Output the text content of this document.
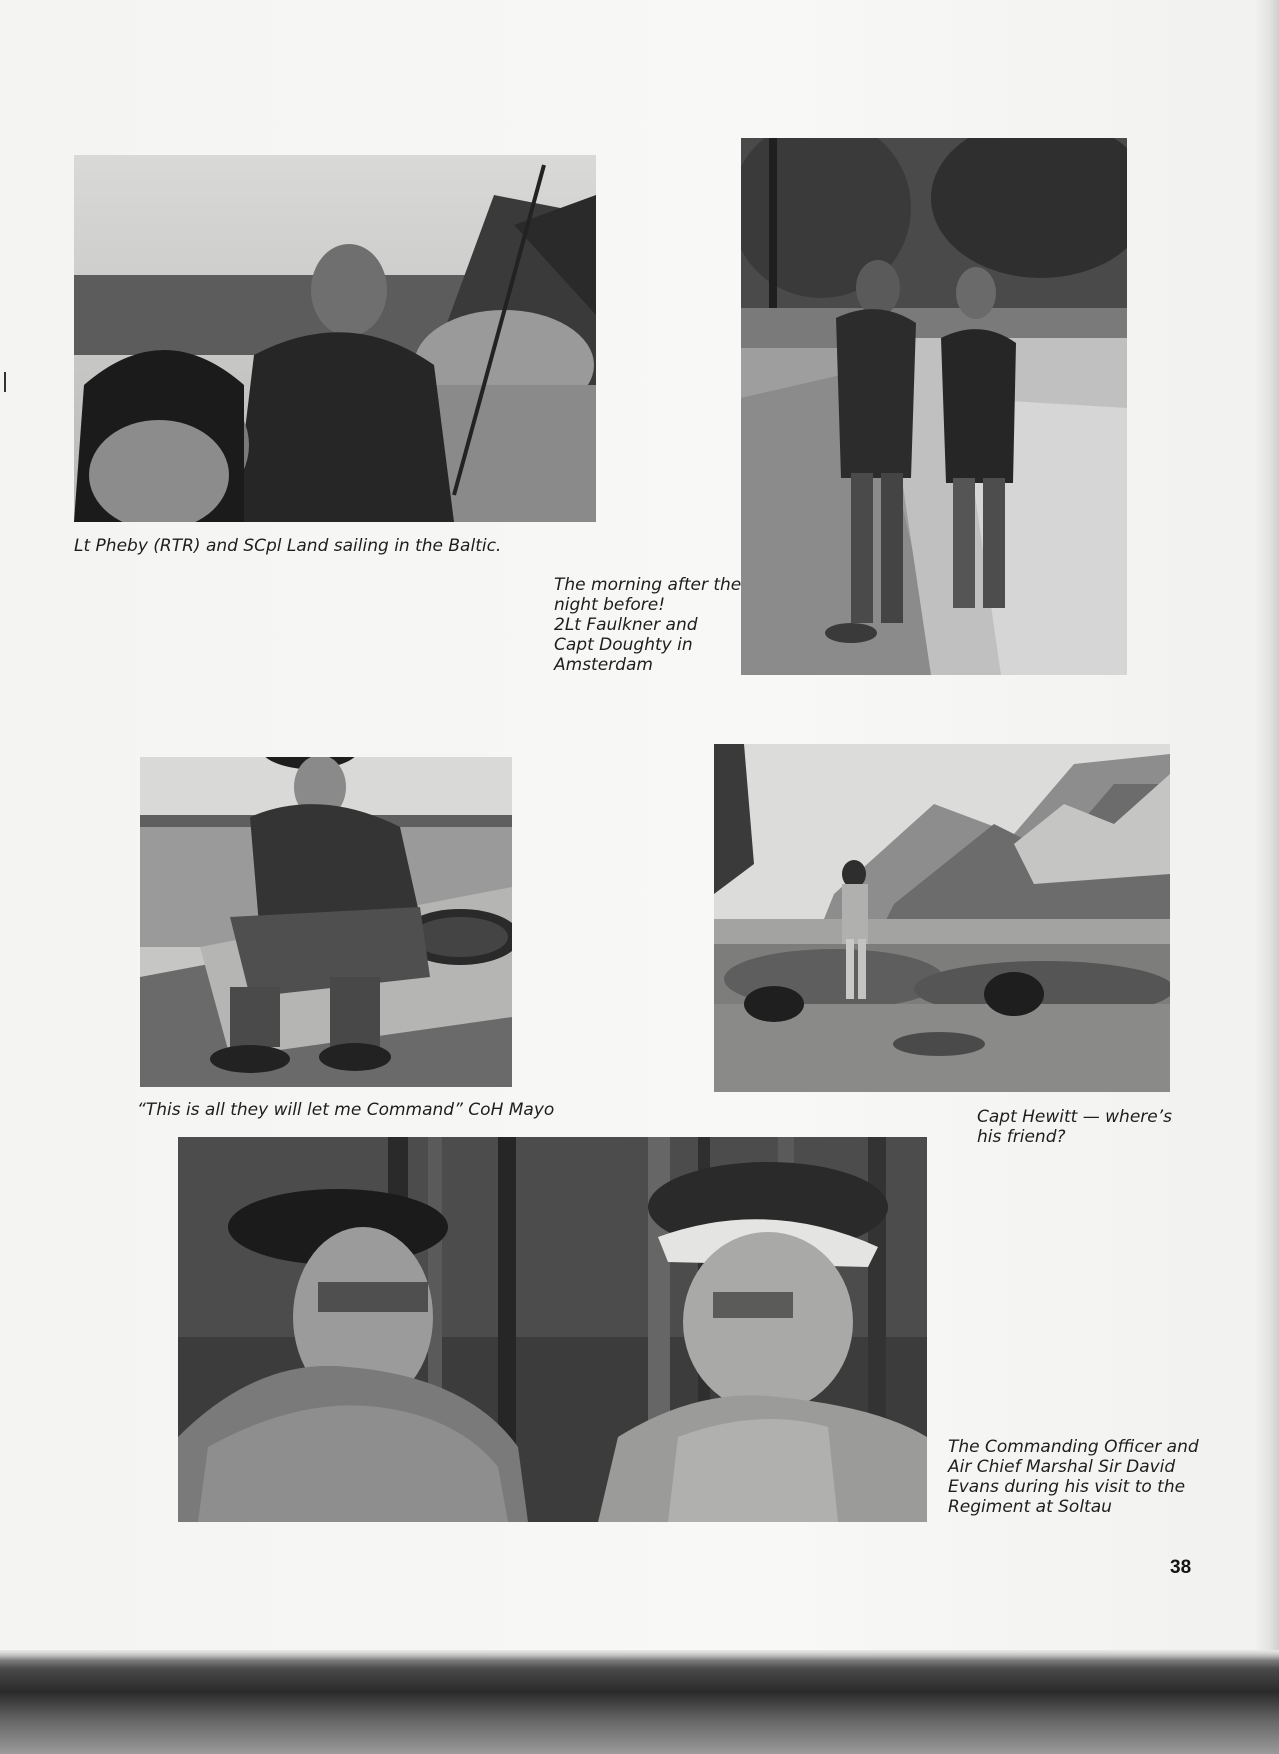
Lt Pheby (RTR) and SCpl Land sailing in the Baltic.
The morning after the
night before!
2Lt Faulkner and
Capt Doughty in
Amsterdam
“This is all they will let me Command” CoH Mayo	Capt Hewitt — where’s
his friend?
The Commanding Officer and
Air Chief Marshal Sir David
Evans during his visit to the
Regiment at Soltau
38
